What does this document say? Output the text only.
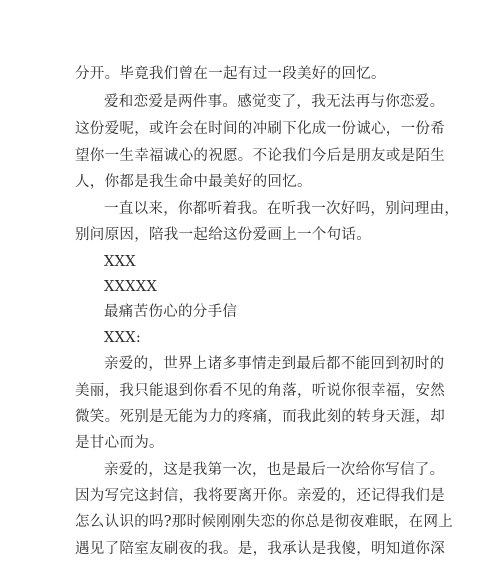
分开。毕竟我们曾在一起有过一段美好的回忆。
爱和恋爱是两件事。感觉变了，我无法再与你恋爱。
这份爱呢，或许会在时间的冲刷下化成一份诚心，一份希
望你一生幸福诚心的祝愿。不论我们今后是朋友或是陌生
人，你都是我生命中最美好的回忆。
一直以来，你都听着我。在听我一次好吗，别问理由，
别问原因，陪我一起给这份爱画上一个句话。
XXX
XXXXX
最痛苦伤心的分手信
XXX:
亲爱的，世界上诸多事情走到最后都不能回到初时的
美丽，我只能退到你看不见的角落，听说你很幸福，安然
微笑。死别是无能为力的疼痛，而我此刻的转身天涯，却
是甘心而为。
亲爱的，这是我第一次，也是最后一次给你写信了。
因为写完这封信，我将要离开你。亲爱的，还记得我们是
怎么认识的吗?那时候刚刚失恋的你总是彻夜难眠，在网上
遇见了陪室友刷夜的我。是，我承认是我傻，明知道你深
